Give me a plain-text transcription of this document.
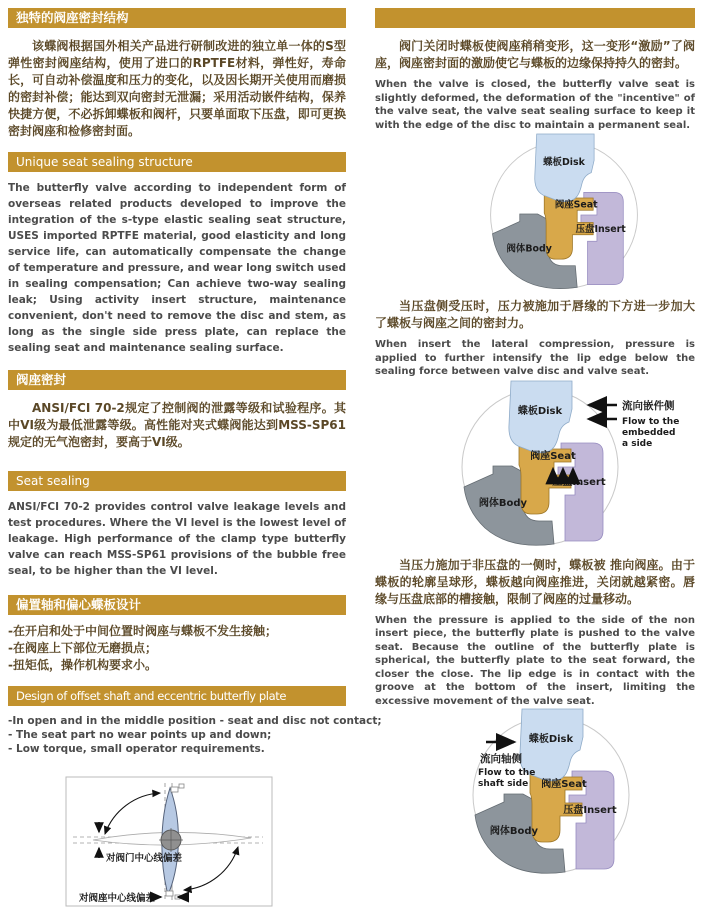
独特的阀座密封结构

该蝶阀根据国外相关产品进行研制改进的独立单一体的S型弹性密封阀座结构，使用了进口的RPTFE材料，弹性好，寿命长，可自动补偿温度和压力的变化，以及因长期开关使用而磨损的密封补偿；能达到双向密封无泄漏；采用活动嵌件结构，保养快捷方便，不必拆卸蝶板和阀杆，只要单面取下压盘，即可更换密封阀座和检修密封面。

Unique seat sealing structure

The butterfly valve according to independent form of overseas related products developed to improve the integration of the s-type elastic sealing seat structure, USES imported RPTFE material, good elasticity and long service life, can automatically compensate the change of temperature and pressure, and wear long switch used in sealing compensation; Can achieve two-way sealing leak; Using activity insert structure, maintenance convenient, don't need to remove the disc and stem, as long as the single side press plate, can replace the sealing seat and maintenance sealing surface.

阀座密封

ANSI/FCI 70-2规定了控制阀的泄露等级和试验程序。其中VI级为最低泄露等级。高性能对夹式蝶阀能达到MSS-SP61规定的无气泡密封，要高于VI级。

Seat sealing

ANSI/FCI 70-2 provides control valve leakage levels and test procedures. Where the VI level is the lowest level of leakage. High performance of the clamp type butterfly valve can reach MSS-SP61 provisions of the bubble free seal, to be higher than the VI level.

偏置轴和偏心蝶板设计
-在开启和处于中间位置时阀座与蝶板不发生接触；
-在阀座上下部位无磨损点；
-扭矩低，操作机构要求小。
Design of offset shaft and eccentric butterfly plate
-In open and in the middle position - seat and disc not contact;
- The seat part no wear points up and down;
- Low torque, small operator requirements.
对阀门中心线偏差
对阀座中心线偏差

阀门关闭时蝶板使阀座稍稍变形，这一变形“激励”了阀座，阀座密封面的激励使它与蝶板的边缘保持持久的密封。

When the valve is closed, the butterfly valve seat is slightly deformed, the deformation of the "incentive" of the valve seat, the valve seat sealing surface to keep it with the edge of the disc to maintain a permanent seal.

当压盘侧受压时，压力被施加于唇缘的下方进一步加大了蝶板与阀座之间的密封力。

When insert the lateral compression, pressure is applied to further intensify the lip edge below the sealing force between valve disc and valve seat.

流向嵌件侧
Flow to the
embedded
a side

当压力施加于非压盘的一侧时，蝶板被 推向阀座。由于蝶板的轮廓呈球形，蝶板越向阀座推进，关闭就越紧密。唇缘与压盘底部的槽接触，限制了阀座的过量移动。

When the pressure is applied to the side of the non insert piece, the butterfly plate is pushed to the valve seat. Because the outline of the butterfly plate is spherical, the butterfly plate to the seat forward, the closer the close. The lip edge is in contact with the groove at the bottom of the insert, limiting the excessive movement of the valve seat.

流向轴侧
Flow to the
shaft side
